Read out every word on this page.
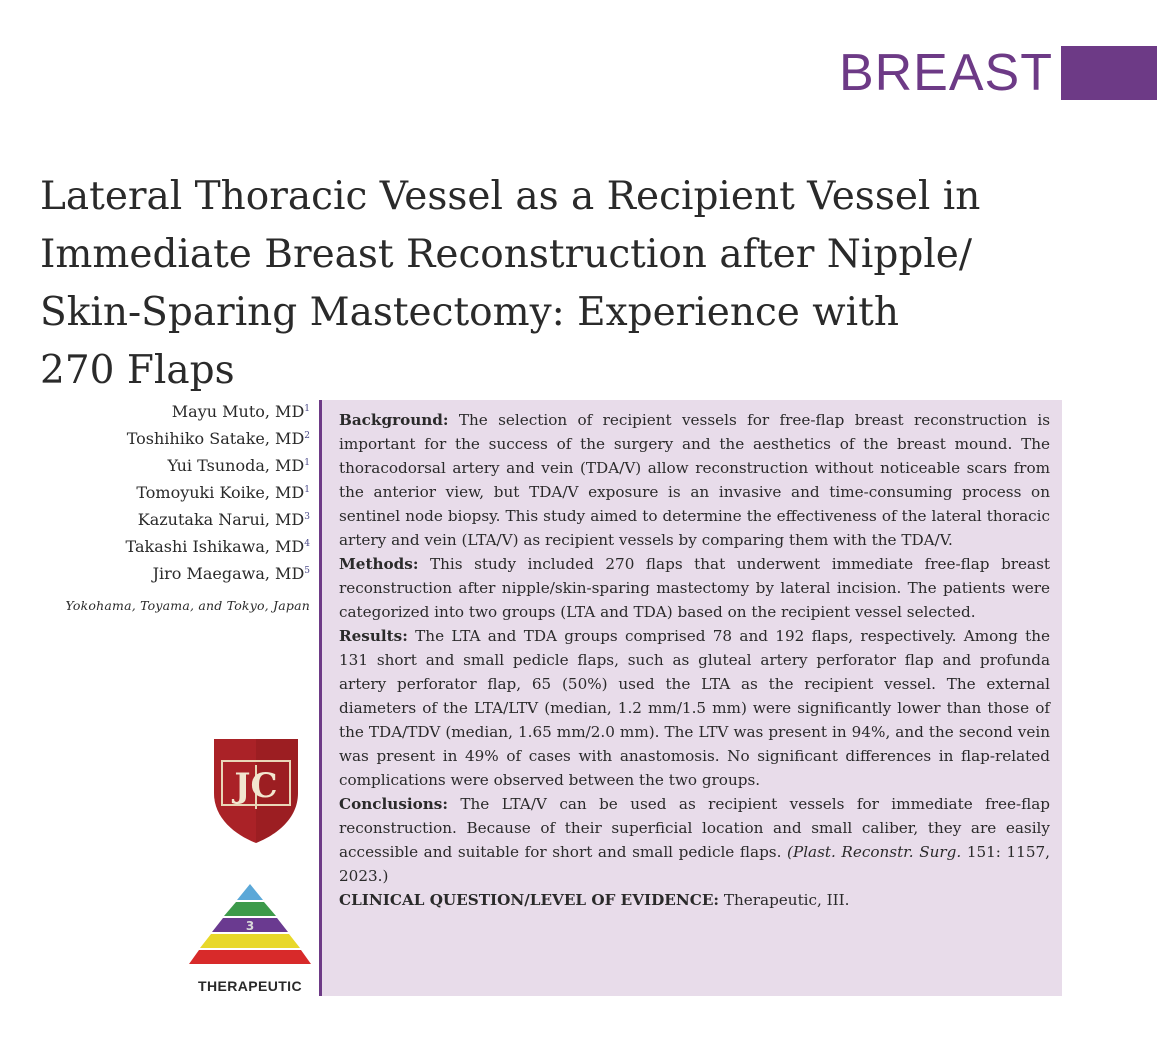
BREAST
Lateral Thoracic Vessel as a Recipient Vessel in
Immediate Breast Reconstruction after Nipple/
Skin-Sparing Mastectomy: Experience with
270 Flaps
Mayu Muto, $MD^1$
Toshihiko Satake, $MD^2$
Yui Tsunoda, $MD^1$
Tomoyuki Koike, $MD^1$
Kazutaka Narui, $MD^3$
Takashi Ishikawa, $MD^4$
Jiro Maegawa, $MD^5$
Yokohama, Toyama, and Tokyo, Japan

Background: The selection of recipient vessels for free-flap breast reconstruction is important for the success of the surgery and the aesthetics of the breast mound. The thoracodorsal artery and vein (TDA/V) allow reconstruction without noticeable scars from the anterior view, but TDA/V exposure is an invasive and time-consuming process on sentinel node biopsy. This study aimed to determine the effectiveness of the lateral thoracic artery and vein (LTA/V) as recipient vessels by comparing them with the TDA/V.

Methods: This study included 270 flaps that underwent immediate free-flap breast reconstruction after nipple/skin-sparing mastectomy by lateral incision. The patients were categorized into two groups (LTA and TDA) based on the recipient vessel selected.

Results: The LTA and TDA groups comprised 78 and 192 flaps, respectively. Among the 131 short and small pedicle flaps, such as gluteal artery perforator flap and profunda artery perforator flap, 65 (50%) used the LTA as the recipient vessel. The external diameters of the LTA/LTV (median, 1.2 mm/1.5 mm) were significantly lower than those of the TDA/TDV (median, 1.65 mm/2.0 mm). The LTV was present in 94%, and the second vein was present in 49% of cases with anastomosis. No significant differences in flap-related complications were observed between the two groups.

Conclusions: The LTA/V can be used as recipient vessels for immediate free-flap reconstruction. Because of their superficial location and small caliber, they are easily accessible and suitable for short and small pedicle flaps. (Plast. Reconstr. Surg. 151: 1157, 2023.)

CLINICAL QUESTION/LEVEL OF EVIDENCE: Therapeutic, III.

JC
3
THERAPEUTIC
